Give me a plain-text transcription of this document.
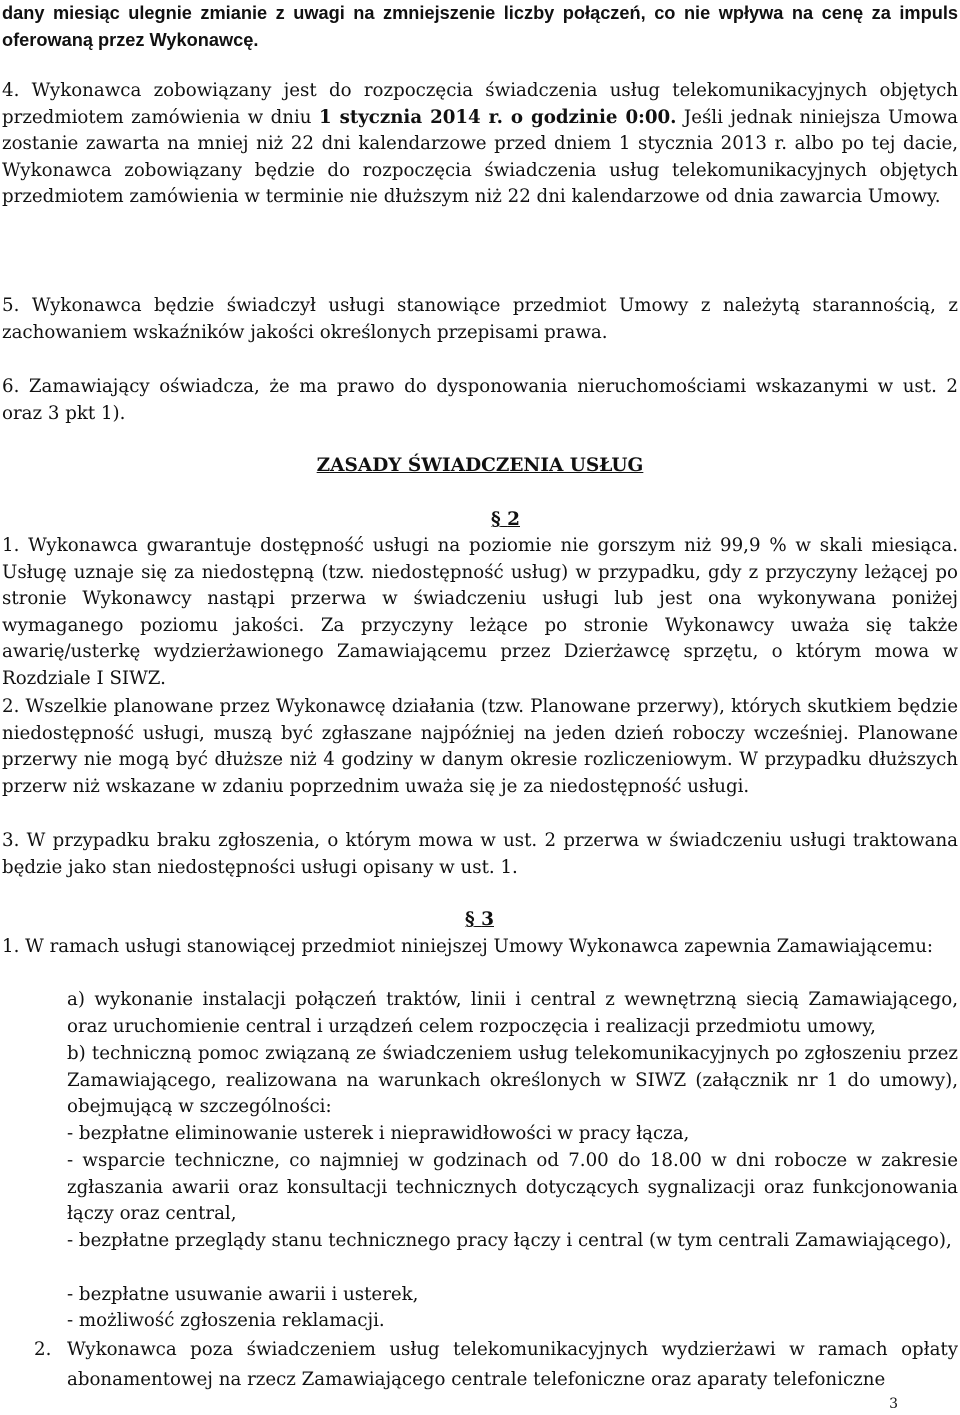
dany miesiąc ulegnie zmianie z uwagi na zmniejszenie liczby połączeń, co nie wpływa na cenę za impuls oferowaną przez Wykonawcę.

4. Wykonawca zobowiązany jest do rozpoczęcia świadczenia usług telekomunikacyjnych objętych przedmiotem zamówienia w dniu 1 stycznia 2014 r. o godzinie 0:00. Jeśli jednak niniejsza Umowa zostanie zawarta na mniej niż 22 dni kalendarzowe przed dniem 1 stycznia 2013 r. albo po tej dacie, Wykonawca zobowiązany będzie do rozpoczęcia świadczenia usług telekomunikacyjnych objętych przedmiotem zamówienia w terminie nie dłuższym niż 22 dni kalendarzowe od dnia zawarcia Umowy.

5. Wykonawca będzie świadczył usługi stanowiące przedmiot Umowy z należytą starannością, z zachowaniem wskaźników jakości określonych przepisami prawa.

6. Zamawiający oświadcza, że ma prawo do dysponowania nieruchomościami wskazanymi w ust. 2 oraz 3 pkt 1).

ZASADY ŚWIADCZENIA USŁUG
§ 2

1. Wykonawca gwarantuje dostępność usługi na poziomie nie gorszym niż 99,9 % w skali miesiąca. Usługę uznaje się za niedostępną (tzw. niedostępność usług) w przypadku, gdy z przyczyny leżącej po stronie Wykonawcy nastąpi przerwa w świadczeniu usługi lub jest ona wykonywana poniżej wymaganego poziomu jakości. Za przyczyny leżące po stronie Wykonawcy uważa się także awarię/usterkę wydzierżawionego Zamawiającemu przez Dzierżawcę sprzętu, o którym mowa w Rozdziale I SIWZ.

2. Wszelkie planowane przez Wykonawcę działania (tzw. Planowane przerwy), których skutkiem będzie niedostępność usługi, muszą być zgłaszane najpóźniej na jeden dzień roboczy wcześniej. Planowane przerwy nie mogą być dłuższe niż 4 godziny w danym okresie rozliczeniowym. W przypadku dłuższych przerw niż wskazane w zdaniu poprzednim uważa się je za niedostępność usługi.

3. W przypadku braku zgłoszenia, o którym mowa w ust. 2 przerwa w świadczeniu usługi traktowana będzie jako stan niedostępności usługi opisany w ust. 1.

§ 3

1. W ramach usługi stanowiącej przedmiot niniejszej Umowy Wykonawca zapewnia Zamawiającemu:

a) wykonanie instalacji połączeń traktów, linii i central z wewnętrzną siecią Zamawiającego, oraz uruchomienie central i urządzeń celem rozpoczęcia i realizacji przedmiotu umowy,

b) techniczną pomoc związaną ze świadczeniem usług telekomunikacyjnych po zgłoszeniu przez Zamawiającego, realizowana na warunkach określonych w SIWZ (załącznik nr 1 do umowy), obejmującą w szczególności:

- bezpłatne eliminowanie usterek i nieprawidłowości w pracy łącza,

- wsparcie techniczne, co najmniej w godzinach od 7.00 do 18.00 w dni robocze w zakresie zgłaszania awarii oraz konsultacji technicznych dotyczących sygnalizacji oraz funkcjonowania łączy oraz central,

- bezpłatne przeglądy stanu technicznego pracy łączy i central (w tym centrali Zamawiającego),

- bezpłatne usuwanie awarii i usterek,

- możliwość zgłoszenia reklamacji.

2. Wykonawca poza świadczeniem usług telekomunikacyjnych wydzierżawi w ramach opłaty abonamentowej na rzecz Zamawiającego centrale telefoniczne oraz aparaty telefoniczne

3
